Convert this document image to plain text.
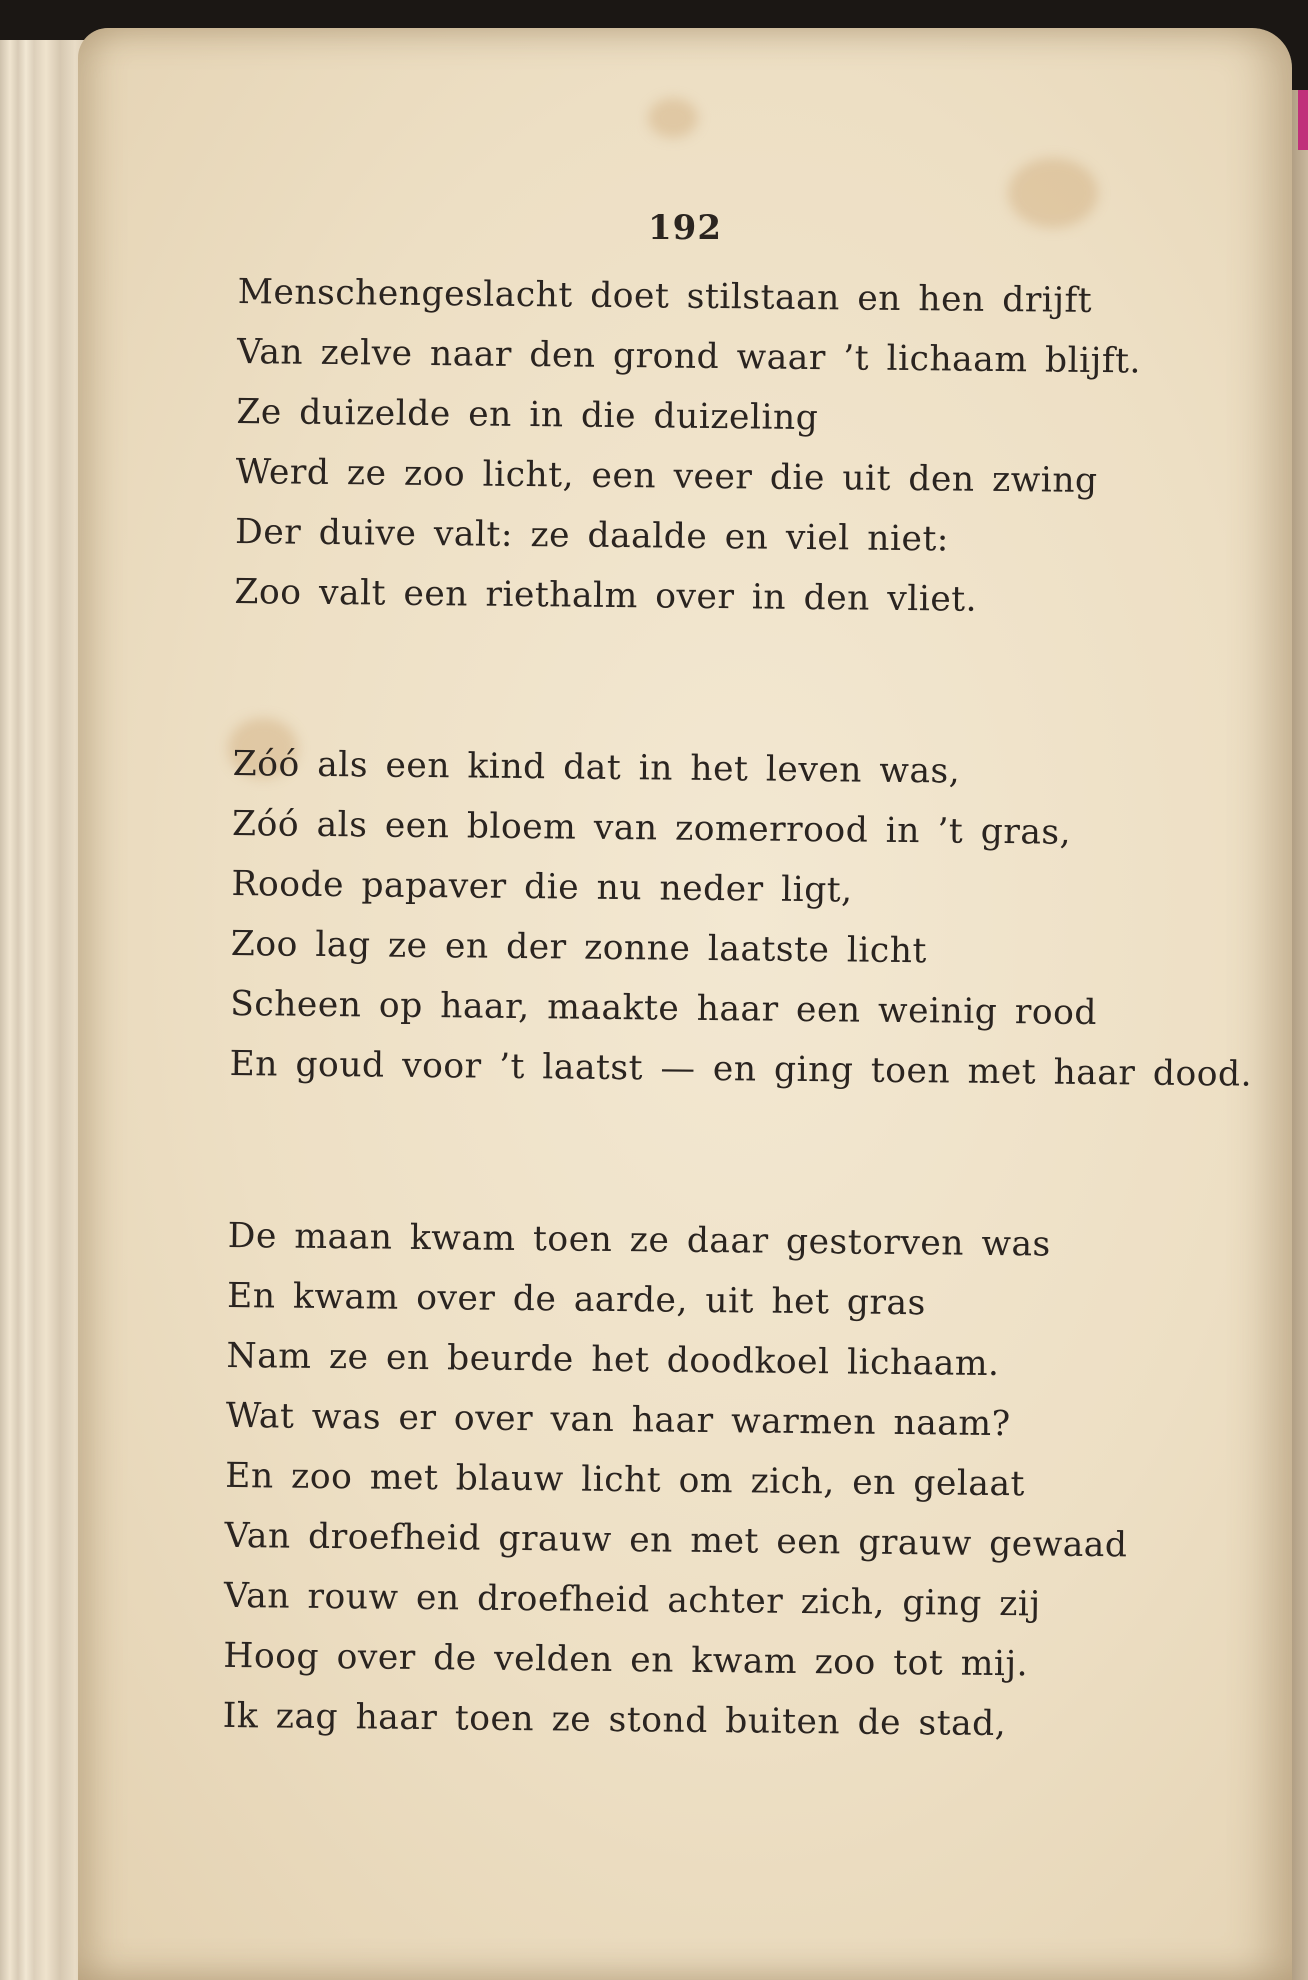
192
Menschengeslacht doet stilstaan en hen drijft
Van zelve naar den grond waar ’t lichaam blijft.
Ze duizelde en in die duizeling
Werd ze zoo licht, een veer die uit den zwing
Der duive valt: ze daalde en viel niet:
Zoo valt een riethalm over in den vliet.
Zóó als een kind dat in het leven was,
Zóó als een bloem van zomerrood in ’t gras,
Roode papaver die nu neder ligt,
Zoo lag ze en der zonne laatste licht
Scheen op haar, maakte haar een weinig rood
En goud voor ’t laatst — en ging toen met haar dood.
De maan kwam toen ze daar gestorven was
En kwam over de aarde, uit het gras
Nam ze en beurde het doodkoel lichaam.
Wat was er over van haar warmen naam?
En zoo met blauw licht om zich, en gelaat
Van droefheid grauw en met een grauw gewaad
Van rouw en droefheid achter zich, ging zij
Hoog over de velden en kwam zoo tot mij.
Ik zag haar toen ze stond buiten de stad,
